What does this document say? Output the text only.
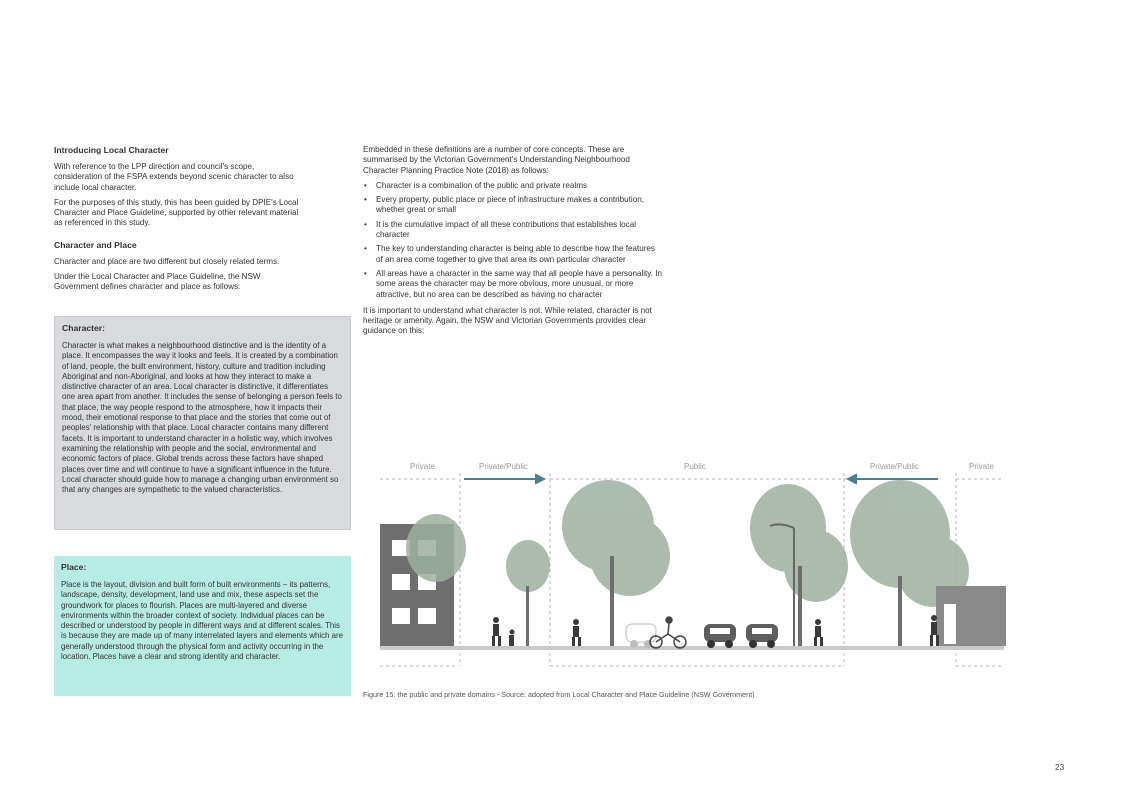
Introducing Local Character

With reference to the LPP direction and council's scope, consideration of the FSPA extends beyond scenic character to also include local character.

For the purposes of this study, this has been guided by DPIE's Local Character and Place Guideline, supported by other relevant material as referenced in this study.

Character and Place

Character and place are two different but closely related terms.

Under the Local Character and Place Guideline, the NSW Government defines character and place as follows:

Character:

Character is what makes a neighbourhood distinctive and is the identity of a place. It encompasses the way it looks and feels. It is created by a combination of land, people, the built environment, history, culture and tradition including Aboriginal and non-Aboriginal, and looks at how they interact to make a distinctive character of an area. Local character is distinctive, it differentiates one area apart from another. It includes the sense of belonging a person feels to that place, the way people respond to the atmosphere, how it impacts their mood, their emotional response to that place and the stories that come out of peoples' relationship with that place. Local character contains many different facets. It is important to understand character in a holistic way, which involves examining the relationship with people and the social, environmental and economic factors of place. Global trends across these factors have shaped places over time and will continue to have a significant influence in the future. Local character should guide how to manage a changing urban environment so that any changes are sympathetic to the valued characteristics.

Place:

Place is the layout, division and built form of built environments – its patterns, landscape, density, development, land use and mix, these aspects set the groundwork for places to flourish. Places are multi-layered and diverse environments within the broader context of society. Individual places can be described or understood by people in different ways and at different scales. This is because they are made up of many interrelated layers and elements which are generally understood through the physical form and activity occurring in the location. Places have a clear and strong identity and character.

Embedded in these definitions are a number of core concepts. These are summarised by the Victorian Government's Understanding Neighbourhood Character Planning Practice Note (2018) as follows:

• Character is a combination of the public and private realms
• Every property, public place or piece of infrastructure makes a contribution, whether great or small
• It is the cumulative impact of all these contributions that establishes local character
• The key to understanding character is being able to describe how the features of an area come together to give that area its own particular character
• All areas have a character in the same way that all people have a personality. In some areas the character may be more obvious, more unusual, or more attractive, but no area can be described as having no character

It is important to understand what character is not. While related, character is not heritage or amenity. Again, the NSW and Victorian Governments provides clear guidance on this:

Private	Private/Public	Public	Private/Public	Private
Figure 15: the public and private domains - Source: adopted from Local Character and Place Guideline (NSW Government)
23
